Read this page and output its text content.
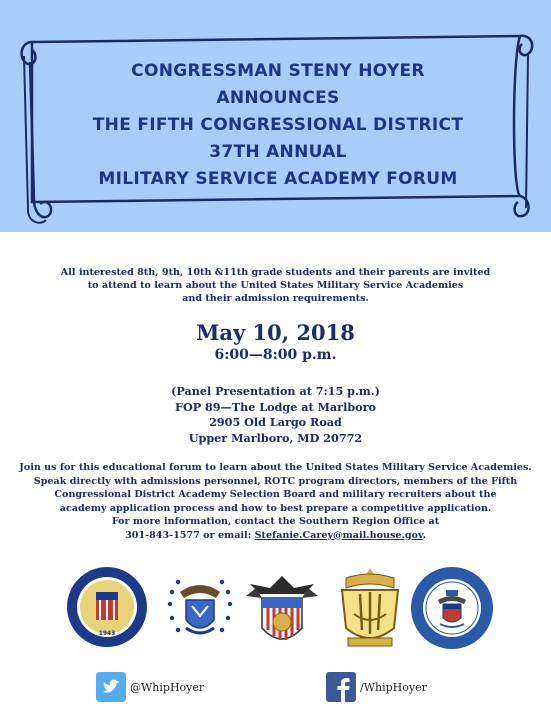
CONGRESSMAN STENY HOYER
ANNOUNCES
THE FIFTH CONGRESSIONAL DISTRICT
37TH ANNUAL
MILITARY SERVICE ACADEMY FORUM
All interested 8th, 9th, 10th &11th grade students and their parents are invited
to attend to learn about the United States Military Service Academies
and their admission requirements.
May 10, 2018
6:00—8:00 p.m.
(Panel Presentation at 7:15 p.m.)
FOP 89—The Lodge at Marlboro
2905 Old Largo Road
Upper Marlboro, MD 20772
Join us for this educational forum to learn about the United States Military Service Academies.
Speak directly with admissions personnel, ROTC program directors, members of the Fifth
Congressional District Academy Selection Board and military recruiters about the
academy application process and how to best prepare a competitive application.
For more information, contact the Southern Region Office at
301-843-1577 or email: Stefanie.Carey@mail.house.gov.
1943
@WhipHoyer	/WhipHoyer
